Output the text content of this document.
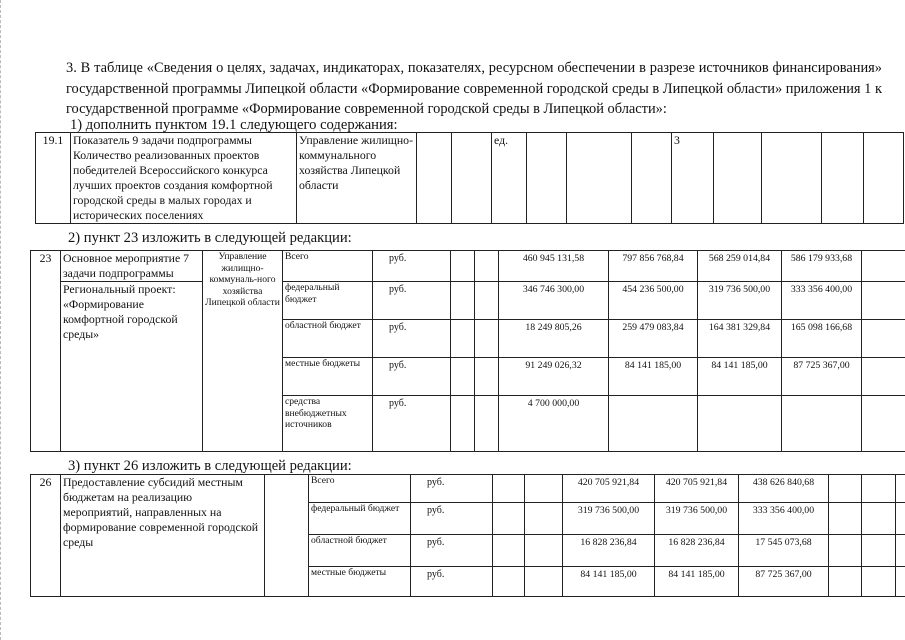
3. В таблице «Сведения о целях, задачах, индикаторах, показателях, ресурсном обеспечении в разрезе источников финансирования» государственной программы Липецкой области «Формирование современной городской среды в Липецкой области» приложения 1 к государственной программе «Формирование современной городской среды в Липецкой области»:
1) дополнить пунктом 19.1 следующего содержания:
19.1	Показатель 9 задачи подпрограммы Количество реализованных проектов победителей Всероссийского конкурса лучших проектов создания комфортной городской среды в малых городах и исторических поселениях	Управление жилищно-коммунального хозяйства Липецкой области			ед.				3				
2) пункт 23 изложить в следующей редакции:
23	Основное мероприятие 7 задачи подпрограммы	Управление жилищно-коммуналь-ного хозяйства Липецкой области	Всего	руб.			460 945 131,58	797 856 768,84	568 259 014,84	586 179 933,68			
	Региональный проект: «Формирование комфортной городской среды»		федеральный бюджет	руб.			346 746 300,00	454 236 500,00	319 736 500,00	333 356 400,00			
			областной бюджет	руб.			18 249 805,26	259 479 083,84	164 381 329,84	165 098 166,68			
			местные бюджеты	руб.			91 249 026,32	84 141 185,00	84 141 185,00	87 725 367,00			
			средства внебюджетных источников	руб.			4 700 000,00						
3) пункт 26 изложить в следующей редакции:
26	Предоставление субсидий местным бюджетам на реализацию мероприятий, направленных на формирование современной городской среды		Всего	руб.			420 705 921,84	420 705 921,84	438 626 840,68				
			федеральный бюджет	руб.			319 736 500,00	319 736 500,00	333 356 400,00				
			областной бюджет	руб.			16 828 236,84	16 828 236,84	17 545 073,68				
			местные бюджеты	руб.			84 141 185,00	84 141 185,00	87 725 367,00				
